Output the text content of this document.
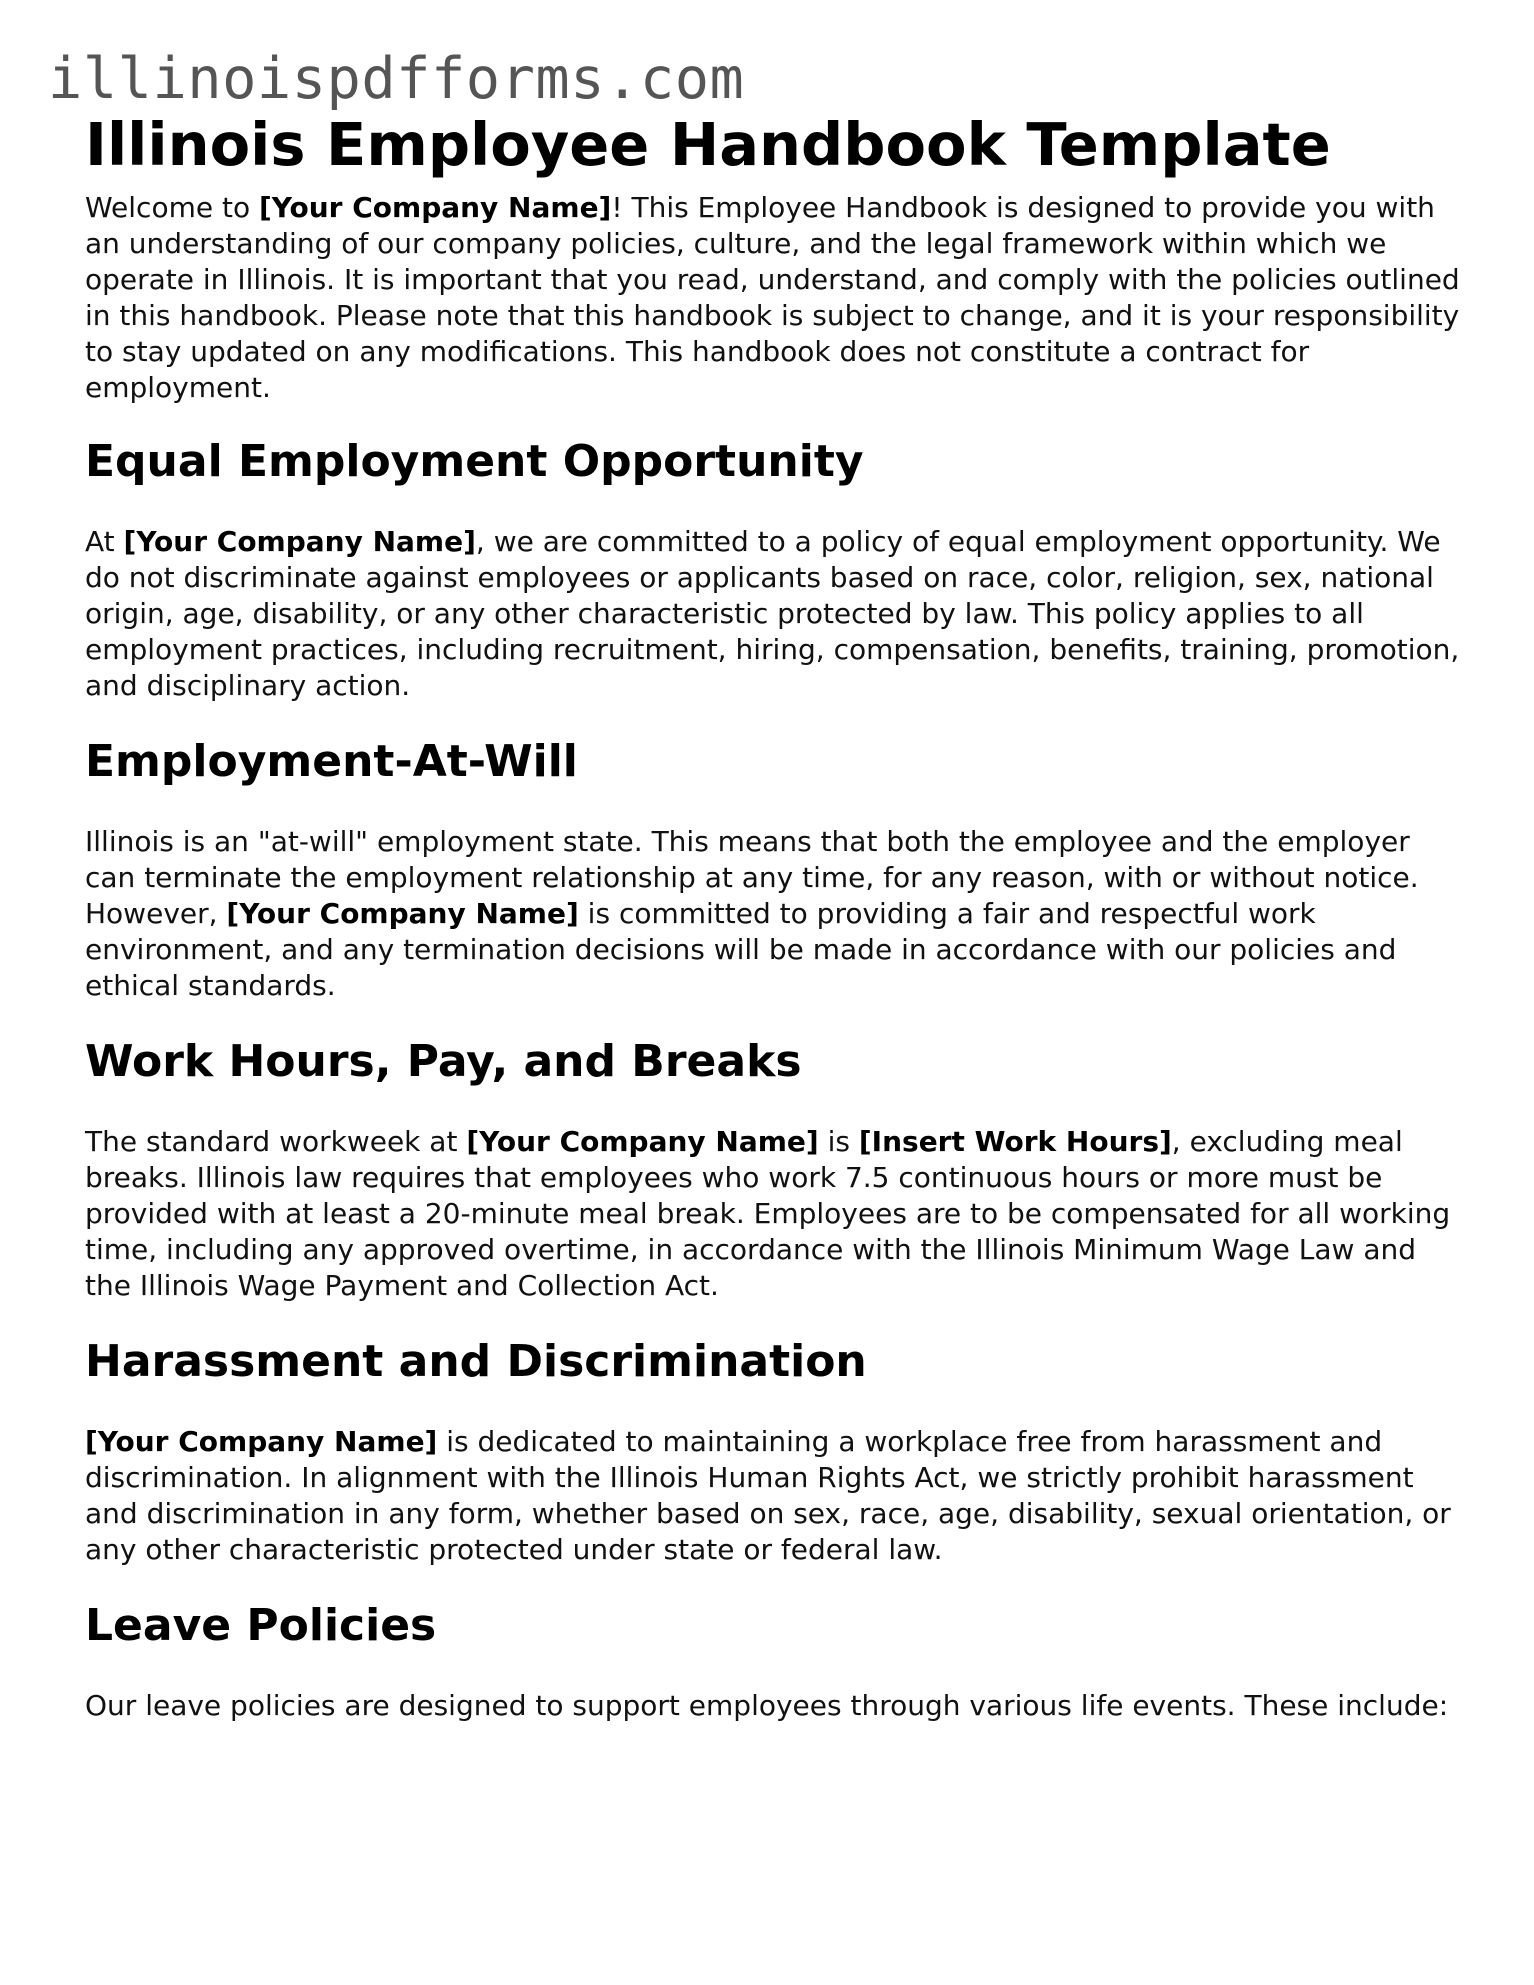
illinoispdfforms.com
Illinois Employee Handbook Template

Welcome to [Your Company Name]! This Employee Handbook is designed to provide you with an understanding of our company policies, culture, and the legal framework within which we operate in Illinois. It is important that you read, understand, and comply with the policies outlined in this handbook. Please note that this handbook is subject to change, and it is your responsibility to stay updated on any modifications. This handbook does not constitute a contract for employment.

Equal Employment Opportunity

At [Your Company Name], we are committed to a policy of equal employment opportunity. We do not discriminate against employees or applicants based on race, color, religion, sex, national origin, age, disability, or any other characteristic protected by law. This policy applies to all employment practices, including recruitment, hiring, compensation, benefits, training, promotion, and disciplinary action.

Employment-At-Will

Illinois is an "at-will" employment state. This means that both the employee and the employer can terminate the employment relationship at any time, for any reason, with or without notice. However, [Your Company Name] is committed to providing a fair and respectful work environment, and any termination decisions will be made in accordance with our policies and ethical standards.

Work Hours, Pay, and Breaks

The standard workweek at [Your Company Name] is [Insert Work Hours], excluding meal breaks. Illinois law requires that employees who work 7.5 continuous hours or more must be provided with at least a 20-minute meal break. Employees are to be compensated for all working time, including any approved overtime, in accordance with the Illinois Minimum Wage Law and the Illinois Wage Payment and Collection Act.

Harassment and Discrimination

[Your Company Name] is dedicated to maintaining a workplace free from harassment and discrimination. In alignment with the Illinois Human Rights Act, we strictly prohibit harassment and discrimination in any form, whether based on sex, race, age, disability, sexual orientation, or any other characteristic protected under state or federal law.

Leave Policies

Our leave policies are designed to support employees through various life events. These include:
